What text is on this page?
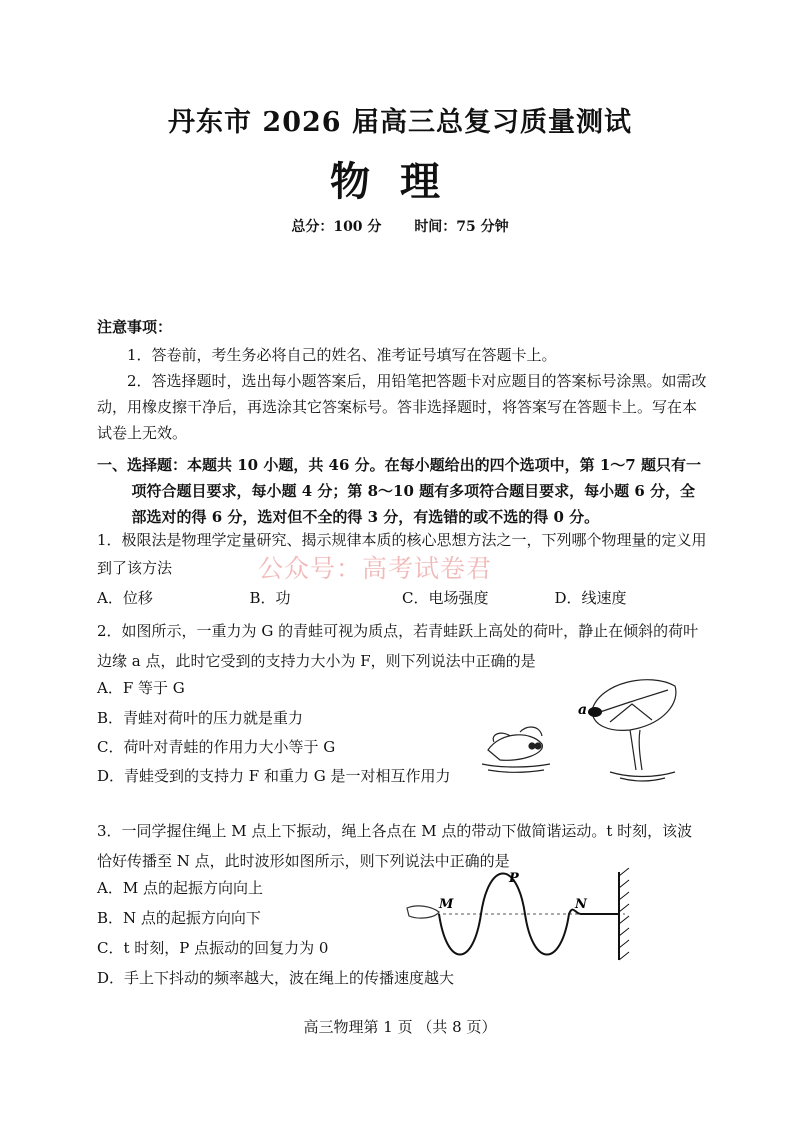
丹东市 2026 届高三总复习质量测试
物理
总分：100 分 时间：75 分钟
注意事项：
1．答卷前，考生务必将自己的姓名、准考证号填写在答题卡上。
2．答选择题时，选出每小题答案后，用铅笔把答题卡对应题目的答案标号涂黑。如需改动，用橡皮擦干净后，再选涂其它答案标号。答非选择题时，将答案写在答题卡上。写在本试卷上无效。
一、选择题：本题共 10 小题，共 46 分。在每小题给出的四个选项中，第 1～7 题只有一项符合题目要求，每小题 4 分；第 8～10 题有多项符合题目要求，每小题 6 分，全部选对的得 6 分，选对但不全的得 3 分，有选错的或不选的得 0 分。
1．极限法是物理学定量研究、揭示规律本质的核心思想方法之一，下列哪个物理量的定义用到了该方法	公众号：高考试卷君
A．位移	B．功	C．电场强度	D．线速度
2．如图所示，一重力为 G 的青蛙可视为质点，若青蛙跃上高处的荷叶，静止在倾斜的荷叶边缘 a 点，此时它受到的支持力大小为 F，则下列说法中正确的是
A．F 等于 G
B．青蛙对荷叶的压力就是重力
C．荷叶对青蛙的作用力大小等于 G
D．青蛙受到的支持力 F 和重力 G 是一对相互作用力
a
3．一同学握住绳上 M 点上下振动，绳上各点在 M 点的带动下做简谐运动。t 时刻，该波恰好传播至 N 点，此时波形如图所示，则下列说法中正确的是
A．M 点的起振方向向上
B．N 点的起振方向向下
C．t 时刻，P 点振动的回复力为 0
D．手上下抖动的频率越大，波在绳上的传播速度越大
M
P
N
高三物理第 1 页 （共 8 页）
